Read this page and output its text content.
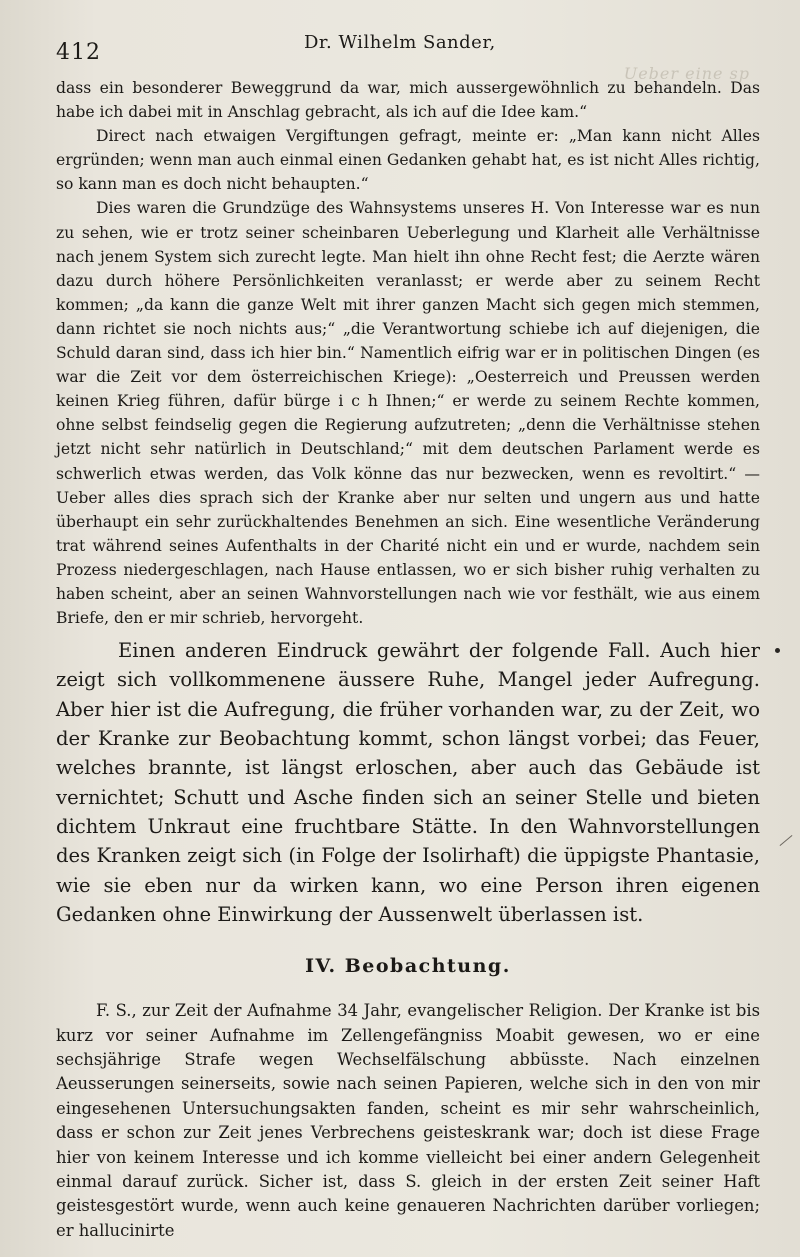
412	Dr. Wilhelm Sander,
Ueber eine sp

dass ein besonderer Beweggrund da war, mich aussergewöhnlich zu behandeln. Das habe ich dabei mit in Anschlag gebracht, als ich auf die Idee kam.“

Direct nach etwaigen Vergiftungen gefragt, meinte er: „Man kann nicht Alles ergründen; wenn man auch einmal einen Gedanken gehabt hat, es ist nicht Alles richtig, so kann man es doch nicht behaupten.“

Dies waren die Grundzüge des Wahnsystems unseres H. Von Interesse war es nun zu sehen, wie er trotz seiner scheinbaren Ueberlegung und Klarheit alle Verhältnisse nach jenem System sich zurecht legte. Man hielt ihn ohne Recht fest; die Aerzte wären dazu durch höhere Persönlichkeiten veranlasst; er werde aber zu seinem Recht kommen; „da kann die ganze Welt mit ihrer ganzen Macht sich gegen mich stemmen, dann richtet sie noch nichts aus;“ „die Verantwortung schiebe ich auf diejenigen, die Schuld daran sind, dass ich hier bin.“ Namentlich eifrig war er in politischen Dingen (es war die Zeit vor dem österreichischen Kriege): „Oesterreich und Preussen werden keinen Krieg führen, dafür bürge i c h Ihnen;“ er werde zu seinem Rechte kommen, ohne selbst feindselig gegen die Regierung aufzutreten; „denn die Verhältnisse stehen jetzt nicht sehr natürlich in Deutschland;“ mit dem deutschen Parlament werde es schwerlich etwas werden, das Volk könne das nur bezwecken, wenn es revoltirt.“ — Ueber alles dies sprach sich der Kranke aber nur selten und ungern aus und hatte überhaupt ein sehr zurückhaltendes Benehmen an sich. Eine wesentliche Veränderung trat während seines Aufenthalts in der Charité nicht ein und er wurde, nachdem sein Prozess niedergeschlagen, nach Hause entlassen, wo er sich bisher ruhig verhalten zu haben scheint, aber an seinen Wahnvorstellungen nach wie vor festhält, wie aus einem Briefe, den er mir schrieb, hervorgeht.

Einen anderen Eindruck gewährt der folgende Fall. Auch hier zeigt sich vollkommenene äussere Ruhe, Mangel jeder Aufregung. Aber hier ist die Aufregung, die früher vorhanden war, zu der Zeit, wo der Kranke zur Beobachtung kommt, schon längst vorbei; das Feuer, welches brannte, ist längst erloschen, aber auch das Gebäude ist vernichtet; Schutt und Asche finden sich an seiner Stelle und bieten dichtem Unkraut eine fruchtbare Stätte. In den Wahnvorstellungen des Kranken zeigt sich (in Folge der Isolirhaft) die üppigste Phantasie, wie sie eben nur da wirken kann, wo eine Person ihren eigenen Gedanken ohne Einwirkung der Aussenwelt überlassen ist.

IV. Beobachtung.

F. S., zur Zeit der Aufnahme 34 Jahr, evangelischer Religion. Der Kranke ist bis kurz vor seiner Aufnahme im Zellengefängniss Moabit gewesen, wo er eine sechsjährige Strafe wegen Wechselfälschung abbüsste. Nach einzelnen Aeusserungen seinerseits, sowie nach seinen Papieren, welche sich in den von mir eingesehenen Untersuchungsakten fanden, scheint es mir sehr wahrscheinlich, dass er schon zur Zeit jenes Verbrechens geisteskrank war; doch ist diese Frage hier von keinem Interesse und ich komme vielleicht bei einer andern Gelegenheit einmal darauf zurück. Sicher ist, dass S. gleich in der ersten Zeit seiner Haft geistesgestört wurde, wenn auch keine genaueren Nachrichten darüber vorliegen; er hallucinirte
